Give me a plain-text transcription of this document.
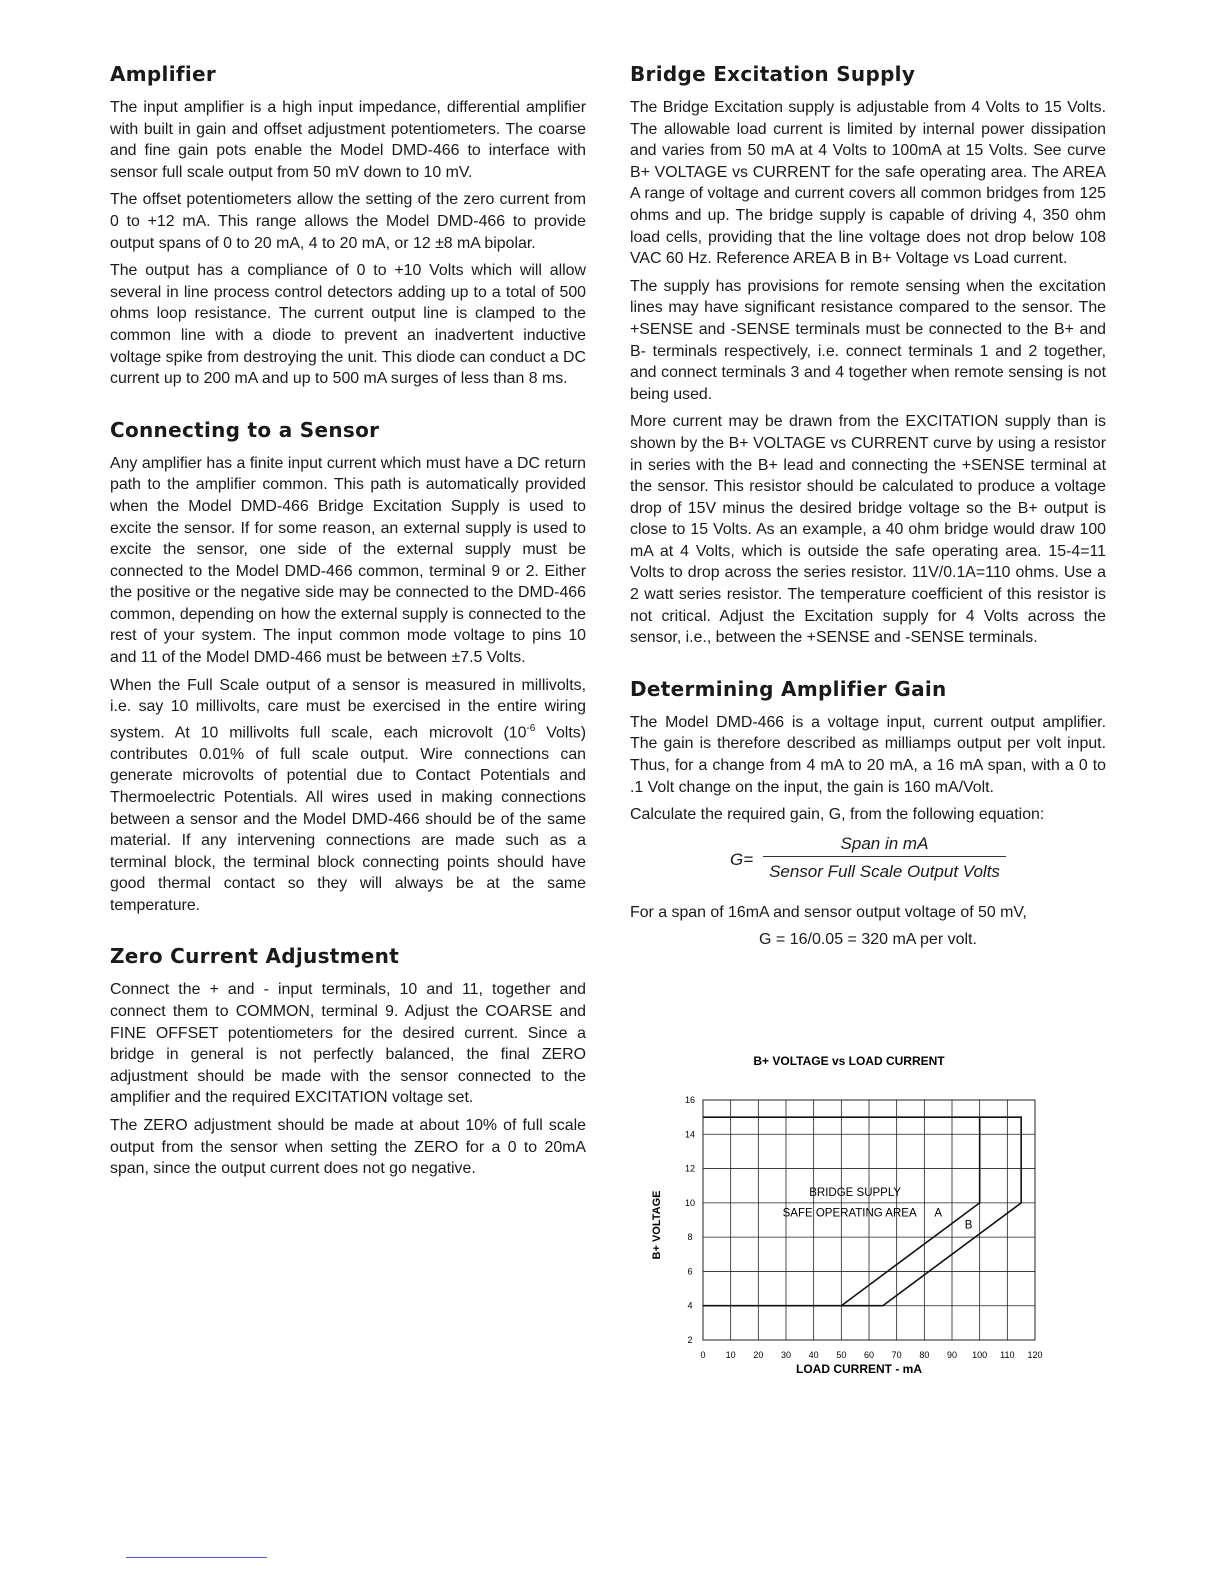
Amplifier

The input amplifier is a high input impedance, differential amplifier with built in gain and offset adjustment potentiometers. The coarse and fine gain pots enable the Model DMD-466 to interface with sensor full scale output from 50 mV down to 10 mV.

The offset potentiometers allow the setting of the zero current from 0 to +12 mA. This range allows the Model DMD-466 to provide output spans of 0 to 20 mA, 4 to 20 mA, or 12 ±8 mA bipolar.

The output has a compliance of 0 to +10 Volts which will allow several in line process control detectors adding up to a total of 500 ohms loop resistance. The current output line is clamped to the common line with a diode to prevent an inadvertent inductive voltage spike from destroying the unit. This diode can conduct a DC current up to 200 mA and up to 500 mA surges of less than 8 ms.

Connecting to a Sensor

Any amplifier has a finite input current which must have a DC return path to the amplifier common. This path is automatically provided when the Model DMD-466 Bridge Excitation Supply is used to excite the sensor. If for some reason, an external supply is used to excite the sensor, one side of the external supply must be connected to the Model DMD-466 common, terminal 9 or 2. Either the positive or the negative side may be connected to the DMD-466 common, depending on how the external supply is connected to the rest of your system. The input common mode voltage to pins 10 and 11 of the Model DMD-466 must be between ±7.5 Volts.

When the Full Scale output of a sensor is measured in millivolts, i.e. say 10 millivolts, care must be exercised in the entire wiring system. At 10 millivolts full scale, each microvolt ($10^{-6}$ Volts) contributes 0.01% of full scale output. Wire connections can generate microvolts of potential due to Contact Potentials and Thermoelectric Potentials. All wires used in making connections between a sensor and the Model DMD-466 should be of the same material. If any intervening connections are made such as a terminal block, the terminal block connecting points should have good thermal contact so they will always be at the same temperature.

Zero Current Adjustment

Connect the + and - input terminals, 10 and 11, together and connect them to COMMON, terminal 9. Adjust the COARSE and FINE OFFSET potentiometers for the desired current. Since a bridge in general is not perfectly balanced, the final ZERO adjustment should be made with the sensor connected to the amplifier and the required EXCITATION voltage set.

The ZERO adjustment should be made at about 10% of full scale output from the sensor when setting the ZERO for a 0 to 20mA span, since the output current does not go negative.

Bridge Excitation Supply

The Bridge Excitation supply is adjustable from 4 Volts to 15 Volts. The allowable load current is limited by internal power dissipation and varies from 50 mA at 4 Volts to 100mA at 15 Volts. See curve B+ VOLTAGE vs CURRENT for the safe operating area. The AREA A range of voltage and current covers all common bridges from 125 ohms and up. The bridge supply is capable of driving 4, 350 ohm load cells, providing that the line voltage does not drop below 108 VAC 60 Hz. Reference AREA B in B+ Voltage vs Load current.

The supply has provisions for remote sensing when the excitation lines may have significant resistance compared to the sensor. The +SENSE and -SENSE terminals must be connected to the B+ and B- terminals respectively, i.e. connect terminals 1 and 2 together, and connect terminals 3 and 4 together when remote sensing is not being used.

More current may be drawn from the EXCITATION supply than is shown by the B+ VOLTAGE vs CURRENT curve by using a resistor in series with the B+ lead and connecting the +SENSE terminal at the sensor. This resistor should be calculated to produce a voltage drop of 15V minus the desired bridge voltage so the B+ output is close to 15 Volts. As an example, a 40 ohm bridge would draw 100 mA at 4 Volts, which is outside the safe operating area. 15-4=11 Volts to drop across the series resistor. 11V/0.1A=110 ohms. Use a 2 watt series resistor. The temperature coefficient of this resistor is not critical. Adjust the Excitation supply for 4 Volts across the sensor, i.e., between the +SENSE and -SENSE terminals.

Determining Amplifier Gain

The Model DMD-466 is a voltage input, current output amplifier. The gain is therefore described as milliamps output per volt input. Thus, for a change from 4 mA to 20 mA, a 16 mA span, with a 0 to .1 Volt change on the input, the gain is 160 mA/Volt.

Calculate the required gain, G, from the following equation:

G=
Span in mA
Sensor Full Scale Output Volts

For a span of 16mA and sensor output voltage of 50 mV,

G = 16/0.05 = 320 mA per volt.

B+ VOLTAGE vs LOAD CURRENT
0 10 20 30 40 50 60 70 80 90 100 110 120
2
4
6
8
10
12
14
16
LOAD CURRENT - mA
B+ VOLTAGE	BRIDGE SUPPLY
SAFE OPERATING AREA A
B
